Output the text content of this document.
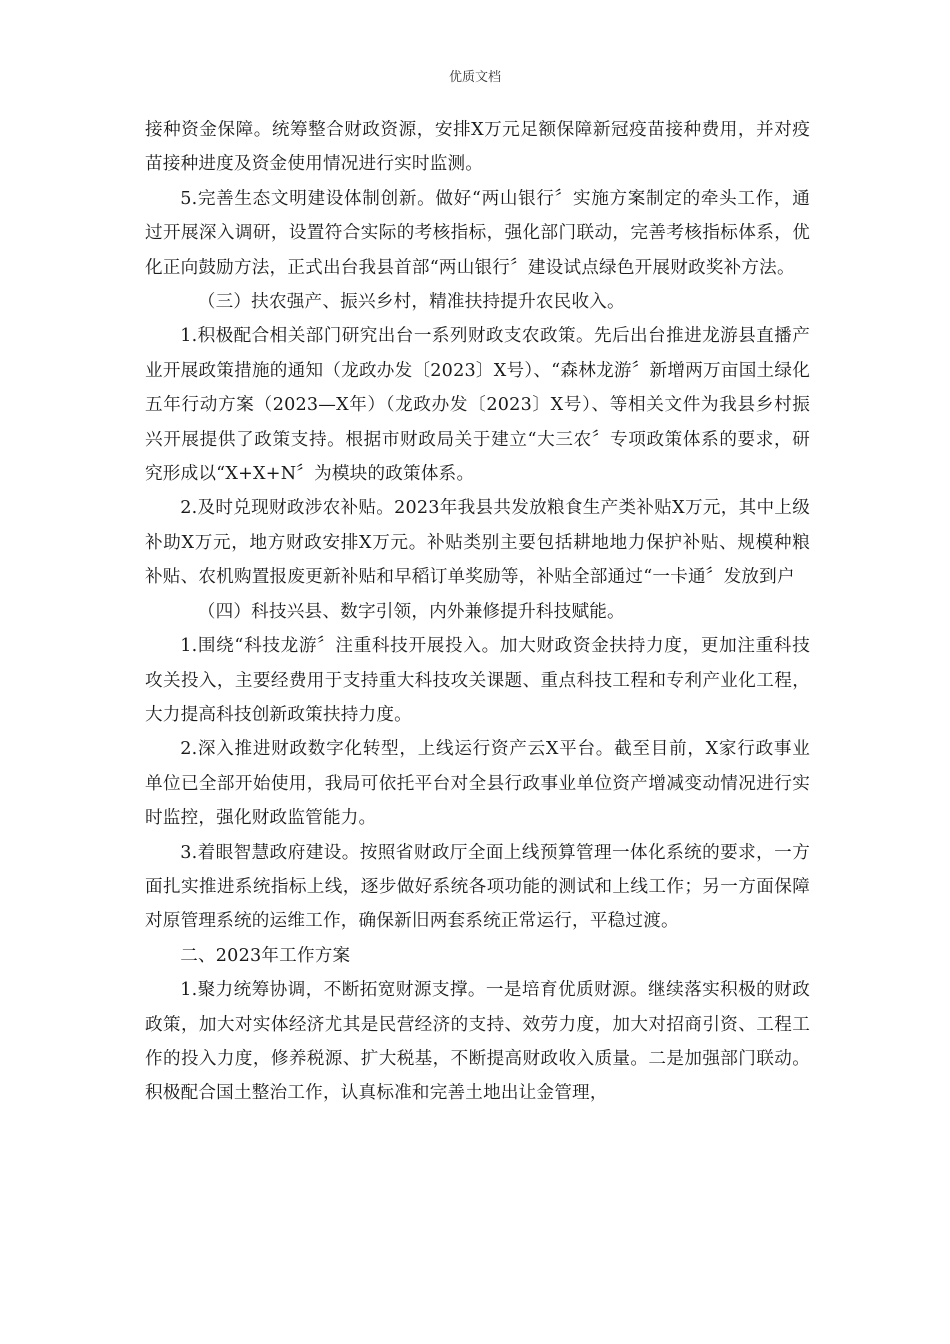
优质文档

接种资金保障。统筹整合财政资源，安排X万元足额保障新冠疫苗接种费用，并对疫苗接种进度及资金使用情况进行实时监测。

5.完善生态文明建设体制创新。做好“两山银行〞实施方案制定的牵头工作，通过开展深入调研，设置符合实际的考核指标，强化部门联动，完善考核指标体系，优化正向鼓励方法，正式出台我县首部“两山银行〞建设试点绿色开展财政奖补方法。

（三）扶农强产、振兴乡村，精准扶持提升农民收入。

1.积极配合相关部门研究出台一系列财政支农政策。先后出台推进龙游县直播产业开展政策措施的通知（龙政办发〔2023〕X号）、“森林龙游〞新增两万亩国土绿化五年行动方案（2023—X年）（龙政办发〔2023〕X号）、等相关文件为我县乡村振兴开展提供了政策支持。根据市财政局关于建立“大三农〞专项政策体系的要求，研究形成以“X+X+N〞为模块的政策体系。

2.及时兑现财政涉农补贴。2023年我县共发放粮食生产类补贴X万元，其中上级补助X万元，地方财政安排X万元。补贴类别主要包括耕地地力保护补贴、规模种粮补贴、农机购置报废更新补贴和早稻订单奖励等，补贴全部通过“一卡通〞发放到户

（四）科技兴县、数字引领，内外兼修提升科技赋能。

1.围绕“科技龙游〞注重科技开展投入。加大财政资金扶持力度，更加注重科技攻关投入，主要经费用于支持重大科技攻关课题、重点科技工程和专利产业化工程，大力提高科技创新政策扶持力度。

2.深入推进财政数字化转型，上线运行资产云X平台。截至目前，X家行政事业单位已全部开始使用，我局可依托平台对全县行政事业单位资产增减变动情况进行实时监控，强化财政监管能力。

3.着眼智慧政府建设。按照省财政厅全面上线预算管理一体化系统的要求，一方面扎实推进系统指标上线，逐步做好系统各项功能的测试和上线工作；另一方面保障对原管理系统的运维工作，确保新旧两套系统正常运行，平稳过渡。

二、2023年工作方案

1.聚力统筹协调，不断拓宽财源支撑。一是培育优质财源。继续落实积极的财政政策，加大对实体经济尤其是民营经济的支持、效劳力度，加大对招商引资、工程工作的投入力度，修养税源、扩大税基，不断提高财政收入质量。二是加强部门联动。积极配合国土整治工作，认真标准和完善土地出让金管理，
